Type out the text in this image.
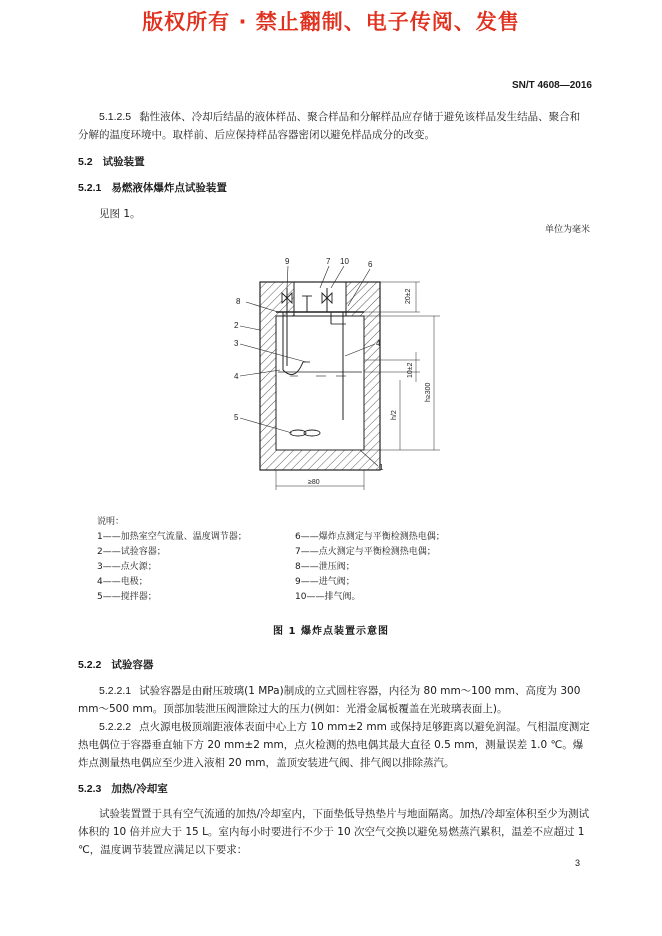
版权所有 · 禁止翻制、电子传阅、发售
SN/T 4608—2016
5.1.2.5 黏性液体、冷却后结晶的液体样品、聚合样品和分解样品应存储于避免该样品发生结晶、聚合和分解的温度环境中。取样前、后应保持样品容器密闭以避免样品成分的改变。
5.2 试验装置
5.2.1 易燃液体爆炸点试验装置
见图 1。
单位为毫米
9	7 10 6
8
2
3
4
4
5
1
20±2
h≥300
10±2
h/2
≥80
说明：
1——加热室空气流量、温度调节器；
2——试验容器；
3——点火源；
4——电极；
5——搅拌器；
6——爆炸点测定与平衡检测热电偶；
7——点火测定与平衡检测热电偶；
8——泄压阀；
9——进气阀；
10——排气阀。
图 1 爆炸点装置示意图
5.2.2 试验容器
5.2.2.1 试验容器是由耐压玻璃(1 MPa)制成的立式圆柱容器，内径为 80 mm～100 mm、高度为 300 mm～500 mm。顶部加装泄压阀泄除过大的压力(例如：光滑金属板覆盖在光玻璃表面上)。
5.2.2.2 点火源电极顶端距液体表面中心上方 10 mm±2 mm 或保持足够距离以避免润湿。气相温度测定热电偶位于容器垂直轴下方 20 mm±2 mm，点火检测的热电偶其最大直径 0.5 mm，测量误差 1.0 ℃。爆炸点测量热电偶应至少进入液相 20 mm，盖顶安装进气阀、排气阀以排除蒸汽。
5.2.3 加热/冷却室
试验装置置于具有空气流通的加热/冷却室内，下面垫低导热垫片与地面隔离。加热/冷却室体积至少为测试体积的 10 倍并应大于 15 L。室内每小时要进行不少于 10 次空气交换以避免易燃蒸汽累积，温差不应超过 1 ℃，温度调节装置应满足以下要求：
3
